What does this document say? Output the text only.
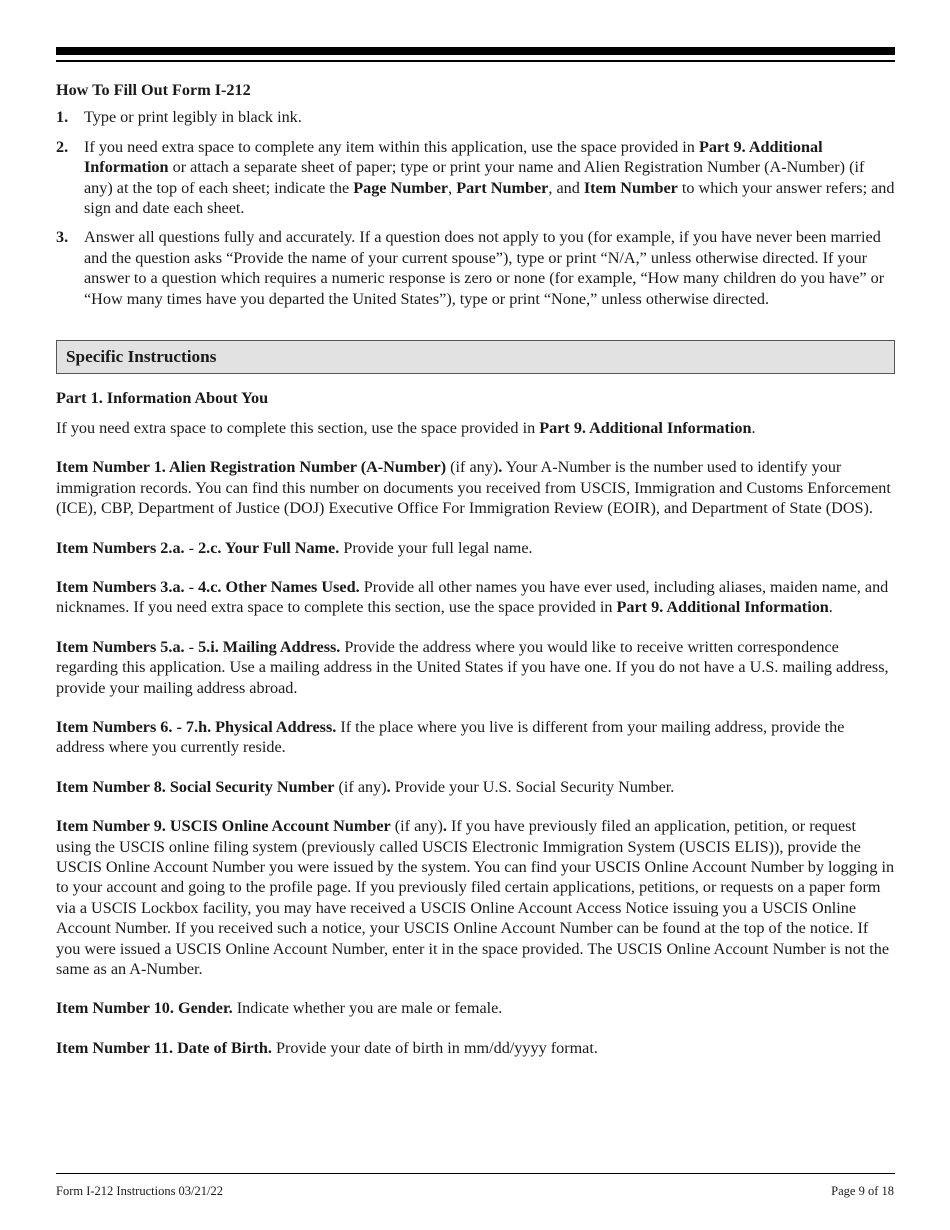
How To Fill Out Form I-212

1. Type or print legibly in black ink.
2. If you need extra space to complete any item within this application, use the space provided in Part 9. Additional Information or attach a separate sheet of paper; type or print your name and Alien Registration Number (A-Number) (if any) at the top of each sheet; indicate the Page Number, Part Number, and Item Number to which your answer refers; and sign and date each sheet.
3. Answer all questions fully and accurately. If a question does not apply to you (for example, if you have never been married and the question asks “Provide the name of your current spouse”), type or print “N/A,” unless otherwise directed. If your answer to a question which requires a numeric response is zero or none (for example, “How many children do you have” or “How many times have you departed the United States”), type or print “None,” unless otherwise directed.
Specific Instructions

Part 1. Information About You

If you need extra space to complete this section, use the space provided in Part 9. Additional Information.

Item Number 1. Alien Registration Number (A-Number) (if any). Your A-Number is the number used to identify your immigration records. You can find this number on documents you received from USCIS, Immigration and Customs Enforcement (ICE), CBP, Department of Justice (DOJ) Executive Office For Immigration Review (EOIR), and Department of State (DOS).

Item Numbers 2.a. - 2.c. Your Full Name. Provide your full legal name.

Item Numbers 3.a. - 4.c. Other Names Used. Provide all other names you have ever used, including aliases, maiden name, and nicknames. If you need extra space to complete this section, use the space provided in Part 9. Additional Information.

Item Numbers 5.a. - 5.i. Mailing Address. Provide the address where you would like to receive written correspondence regarding this application. Use a mailing address in the United States if you have one. If you do not have a U.S. mailing address, provide your mailing address abroad.

Item Numbers 6. - 7.h. Physical Address. If the place where you live is different from your mailing address, provide the address where you currently reside.

Item Number 8. Social Security Number (if any). Provide your U.S. Social Security Number.

Item Number 9. USCIS Online Account Number (if any). If you have previously filed an application, petition, or request using the USCIS online filing system (previously called USCIS Electronic Immigration System (USCIS ELIS)), provide the USCIS Online Account Number you were issued by the system. You can find your USCIS Online Account Number by logging in to your account and going to the profile page. If you previously filed certain applications, petitions, or requests on a paper form via a USCIS Lockbox facility, you may have received a USCIS Online Account Access Notice issuing you a USCIS Online Account Number. If you received such a notice, your USCIS Online Account Number can be found at the top of the notice. If you were issued a USCIS Online Account Number, enter it in the space provided. The USCIS Online Account Number is not the same as an A-Number.

Item Number 10. Gender. Indicate whether you are male or female.

Item Number 11. Date of Birth. Provide your date of birth in mm/dd/yyyy format.

Form I-212 Instructions 03/21/22	Page 9 of 18
